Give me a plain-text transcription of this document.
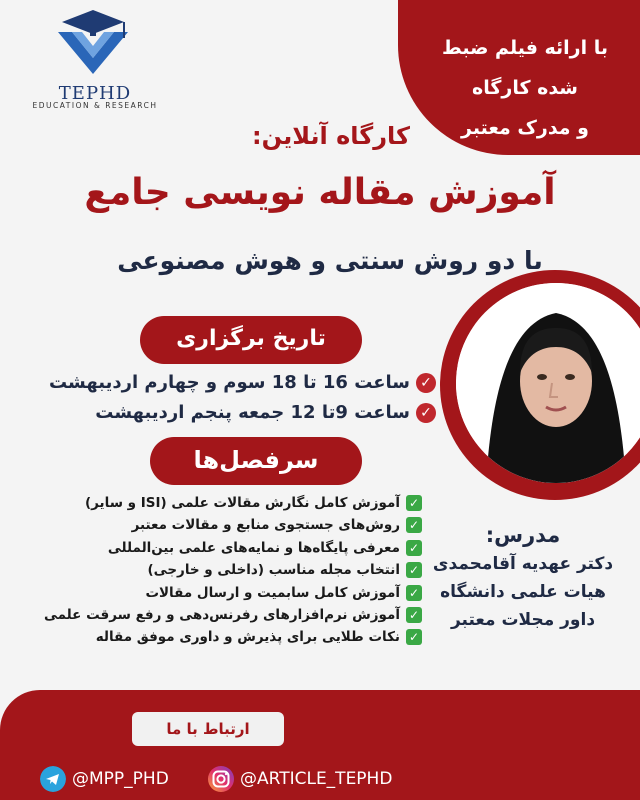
با ارائه فیلم ضبط
شده کارگاه
و مدرک معتبر
TEPHD
EDUCATION & RESEARCH
کارگاه آنلاین:
آموزش مقاله نویسی جامع
با دو روش سنتی و هوش مصنوعی
تاریخ برگزاری
✓ساعت 16 تا 18 سوم و چهارم اردیبهشت
✓ساعت 9تا 12 جمعه پنجم اردیبهشت
سرفصل‌ها
✓آموزش کامل نگارش مقالات علمی (ISI و سایر)
✓روش‌های جستجوی منابع و مقالات معتبر
✓معرفی پایگاه‌ها و نمایه‌های علمی بین‌المللی
✓انتخاب مجله مناسب (داخلی و خارجی)
✓آموزش کامل سابمیت و ارسال مقالات
✓آموزش نرم‌افزارهای رفرنس‌دهی و رفع سرقت علمی
✓نکات طلایی برای پذیرش و داوری موفق مقاله
مدرس:
دکتر عهدیه آقامحمدی
هیات علمی دانشگاه
داور مجلات معتبر
ارتباط با ما
@MPP_PHD	@ARTICLE_TEPHD
